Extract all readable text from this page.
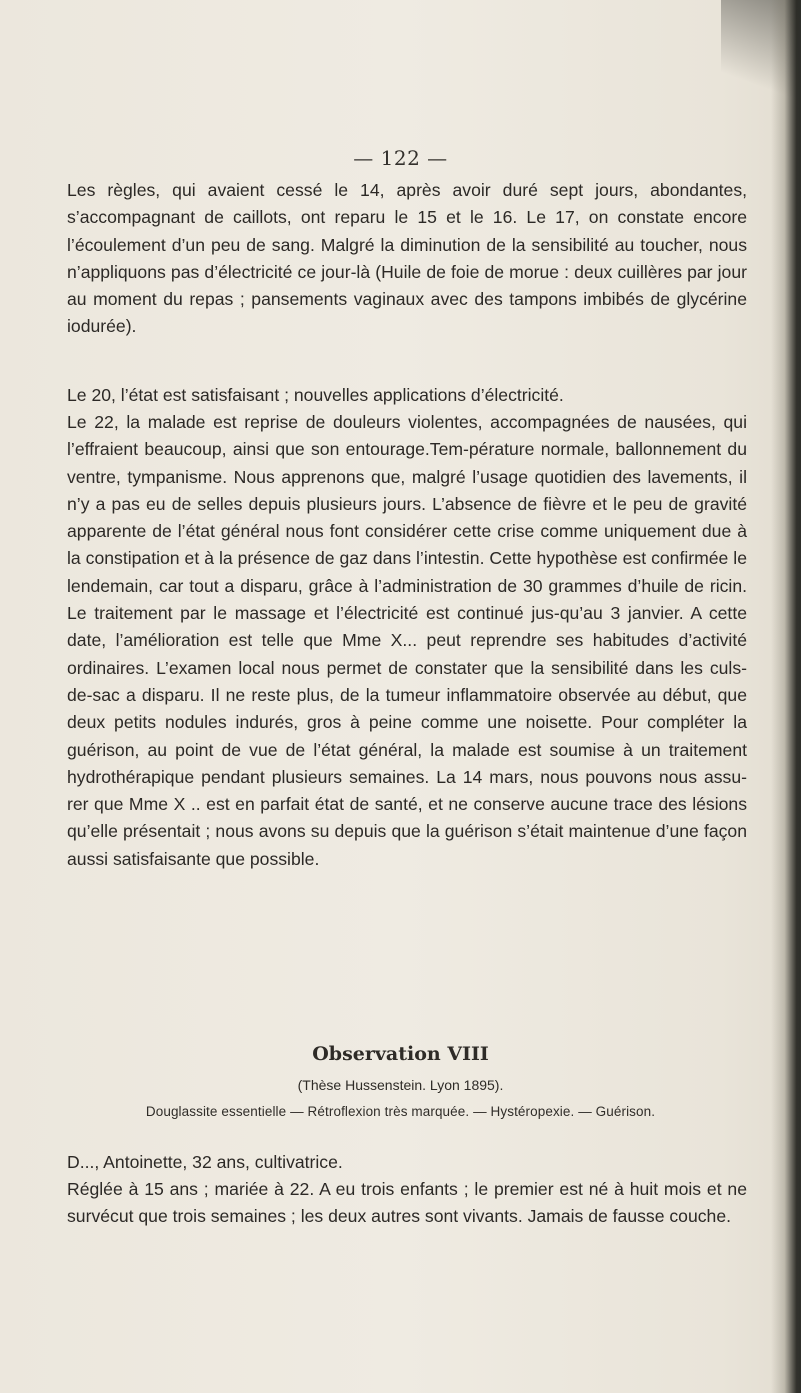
— 122 —

Les règles, qui avaient cessé le 14, après avoir duré sept jours, abondantes, s’accompagnant de caillots, ont reparu le 15 et le 16. Le 17, on constate encore l’écoulement d’un peu de sang. Malgré la diminution de la sensibilité au toucher, nous n’appliquons pas d’électricité ce jour-là (Huile de foie de morue : deux cuillères par jour au moment du repas ; pansements vaginaux avec des tampons imbibés de glycérine iodurée).

Le 20, l’état est satisfaisant ; nouvelles applications d’électricité.

Le 22, la malade est reprise de douleurs violentes, accompagnées de nausées, qui l’effraient beaucoup, ainsi que son entourage.Tem-pérature normale, ballonnement du ventre, tympanisme. Nous apprenons que, malgré l’usage quotidien des lavements, il n’y a pas eu de selles depuis plusieurs jours. L’absence de fièvre et le peu de gravité apparente de l’état général nous font considérer cette crise comme uniquement due à la constipation et à la présence de gaz dans l’intestin. Cette hypothèse est confirmée le lendemain, car tout a disparu, grâce à l’administration de 30 grammes d’huile de ricin. Le traitement par le massage et l’électricité est continué jus-qu’au 3 janvier. A cette date, l’amélioration est telle que Mme X... peut reprendre ses habitudes d’activité ordinaires. L’examen local nous permet de constater que la sensibilité dans les culs-de-sac a disparu. Il ne reste plus, de la tumeur inflammatoire observée au début, que deux petits nodules indurés, gros à peine comme une noisette. Pour compléter la guérison, au point de vue de l’état général, la malade est soumise à un traitement hydrothérapique pendant plusieurs semaines. La 14 mars, nous pouvons nous assu-rer que Mme X .. est en parfait état de santé, et ne conserve aucune trace des lésions qu’elle présentait ; nous avons su depuis que la guérison s’était maintenue d’une façon aussi satisfaisante que possible.

Observation VIII
(Thèse Hussenstein. Lyon 1895).
Douglassite essentielle — Rétroflexion très marquée. — Hystéropexie. — Guérison.

D..., Antoinette, 32 ans, cultivatrice.

Réglée à 15 ans ; mariée à 22. A eu trois enfants ; le premier est né à huit mois et ne survécut que trois semaines ; les deux autres sont vivants. Jamais de fausse couche.
